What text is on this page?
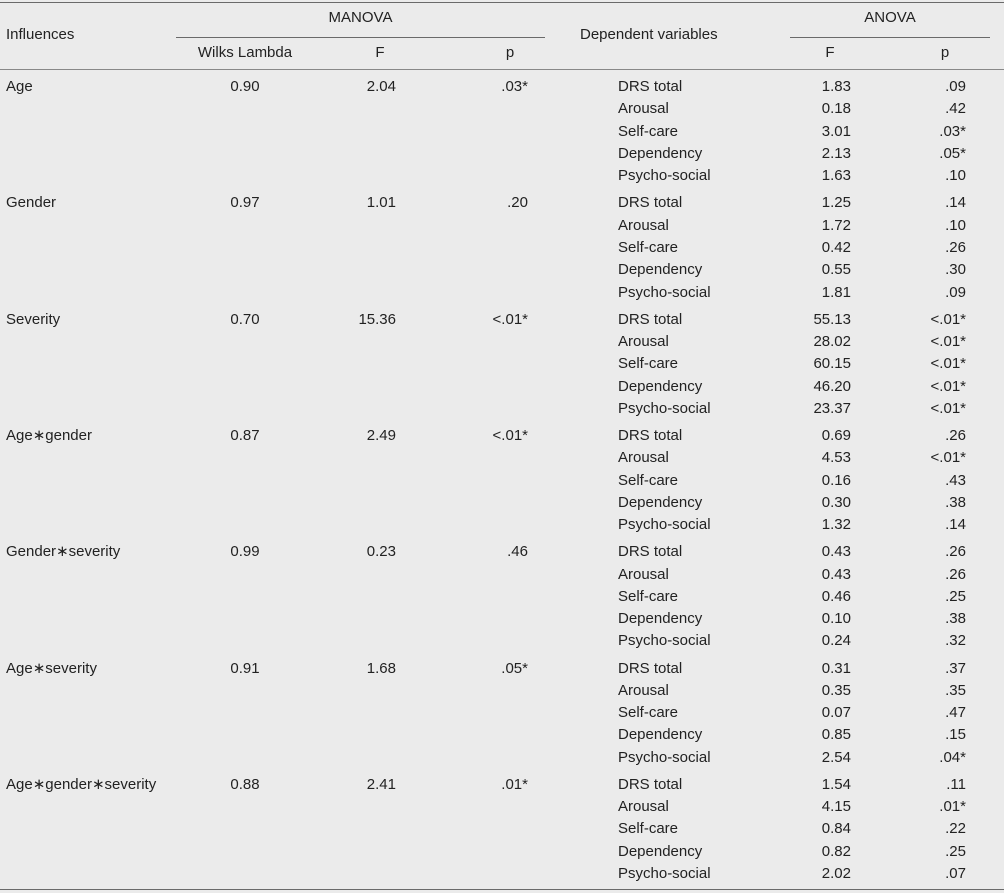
Influences
MANOVA
Wilks Lambda	F	p
Dependent variables
ANOVA
F	p
Age	0.90	2.04	.03*	DRS total	1.83	.09
Arousal	0.18	.42
Self-care	3.01	.03*
Dependency	2.13	.05*
Psycho-social	1.63	.10
Gender	0.97	1.01	.20	DRS total	1.25	.14
Arousal	1.72	.10
Self-care	0.42	.26
Dependency	0.55	.30
Psycho-social	1.81	.09
Severity	0.70	15.36	<.01*	DRS total	55.13	<.01*
Arousal	28.02	<.01*
Self-care	60.15	<.01*
Dependency	46.20	<.01*
Psycho-social	23.37	<.01*
Age∗gender	0.87	2.49	<.01*	DRS total	0.69	.26
Arousal	4.53	<.01*
Self-care	0.16	.43
Dependency	0.30	.38
Psycho-social	1.32	.14
Gender∗severity	0.99	0.23	.46	DRS total	0.43	.26
Arousal	0.43	.26
Self-care	0.46	.25
Dependency	0.10	.38
Psycho-social	0.24	.32
Age∗severity	0.91	1.68	.05*	DRS total	0.31	.37
Arousal	0.35	.35
Self-care	0.07	.47
Dependency	0.85	.15
Psycho-social	2.54	.04*
Age∗gender∗severity	0.88	2.41	.01*	DRS total	1.54	.11
Arousal	4.15	.01*
Self-care	0.84	.22
Dependency	0.82	.25
Psycho-social	2.02	.07
